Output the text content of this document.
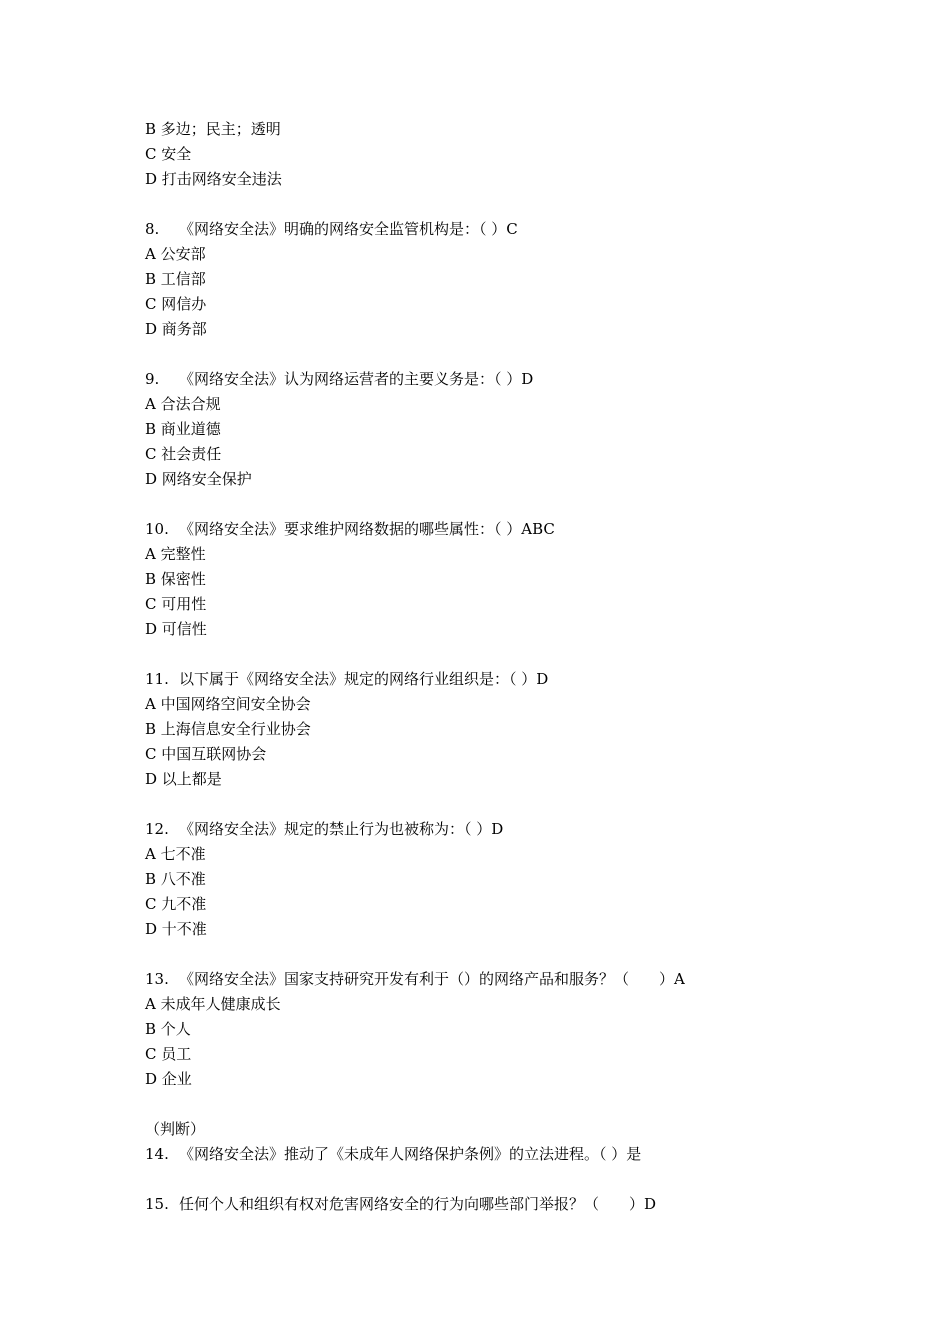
B 多边；民主；透明
C 安全
D 打击网络安全违法
8. 《网络安全法》明确的网络安全监管机构是：（ ）C
A 公安部
B 工信部
C 网信办
D 商务部
9. 《网络安全法》认为网络运营者的主要义务是：（ ）D
A 合法合规
B 商业道德
C 社会责任
D 网络安全保护
10. 《网络安全法》要求维护网络数据的哪些属性：（ ）ABC
A 完整性
B 保密性
C 可用性
D 可信性
11. 以下属于《网络安全法》规定的网络行业组织是：（ ）D
A 中国网络空间安全协会
B 上海信息安全行业协会
C 中国互联网协会
D 以上都是
12. 《网络安全法》规定的禁止行为也被称为：（ ）D
A 七不准
B 八不准
C 九不准
D 十不准
13. 《网络安全法》国家支持研究开发有利于（）的网络产品和服务？（　　）A
A 未成年人健康成长
B 个人
C 员工
D 企业
（判断）
14. 《网络安全法》推动了《未成年人网络保护条例》的立法进程。（ ）是
15. 任何个人和组织有权对危害网络安全的行为向哪些部门举报？（　　）D
